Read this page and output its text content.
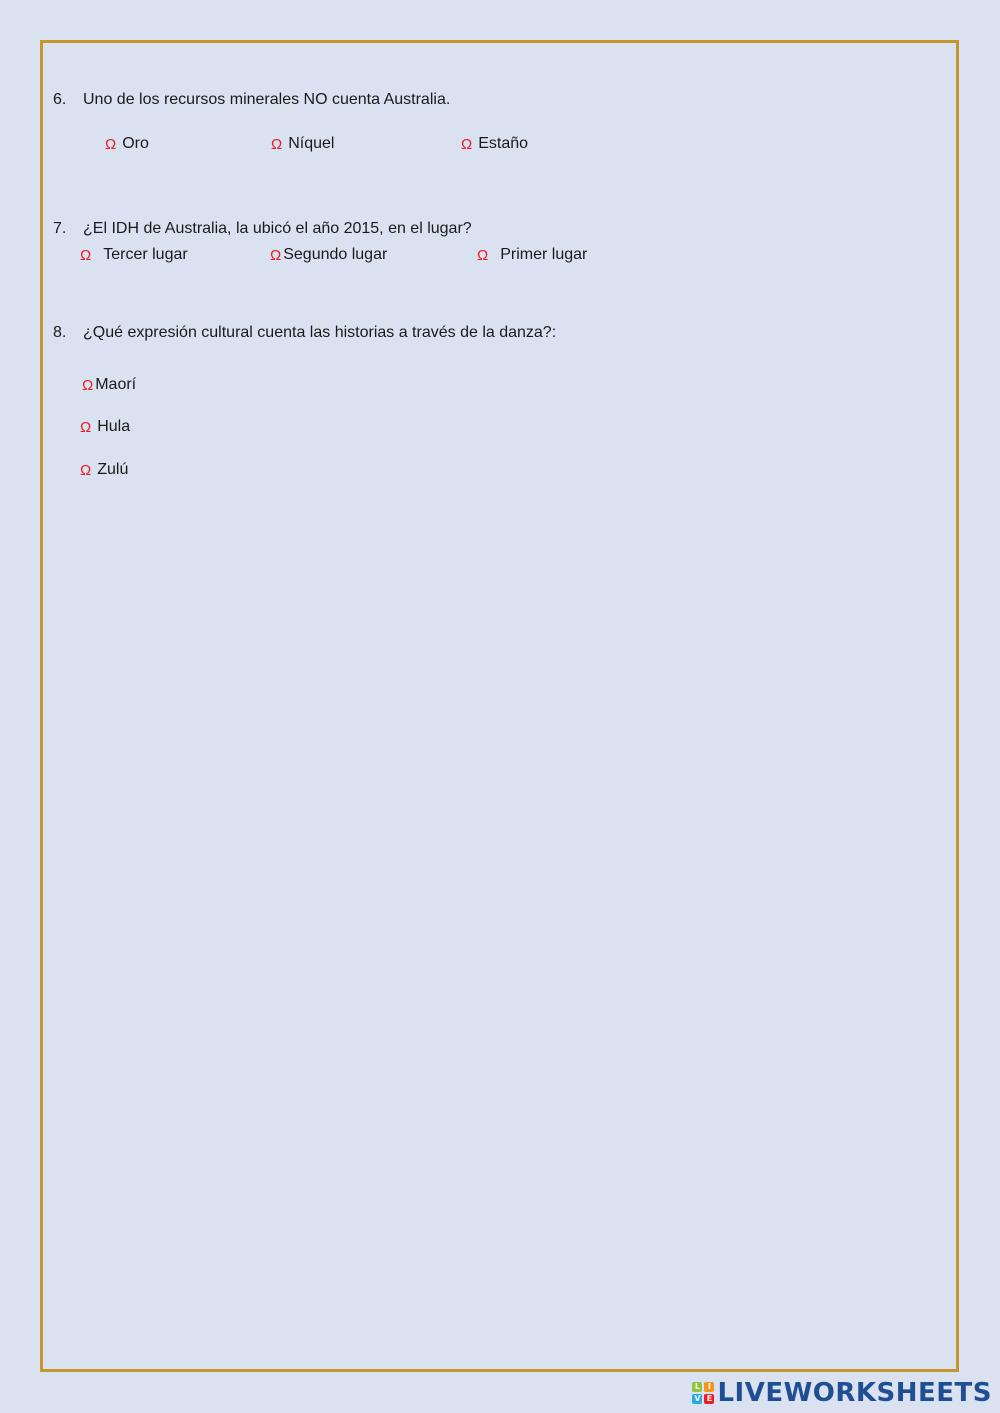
6. Uno de los recursos minerales NO cuenta Australia.
Ω Oro	Ω Níquel	Ω Estaño
7. ¿El IDH de Australia, la ubicó el año 2015, en el lugar?
Ω Tercer lugar	Ω Segundo lugar	Ω Primer lugar
8. ¿Qué expresión cultural cuenta las historias a través de la danza?:
Ω Maorí
Ω Hula
Ω Zulú
L I
V E LIVEWORKSHEETS
